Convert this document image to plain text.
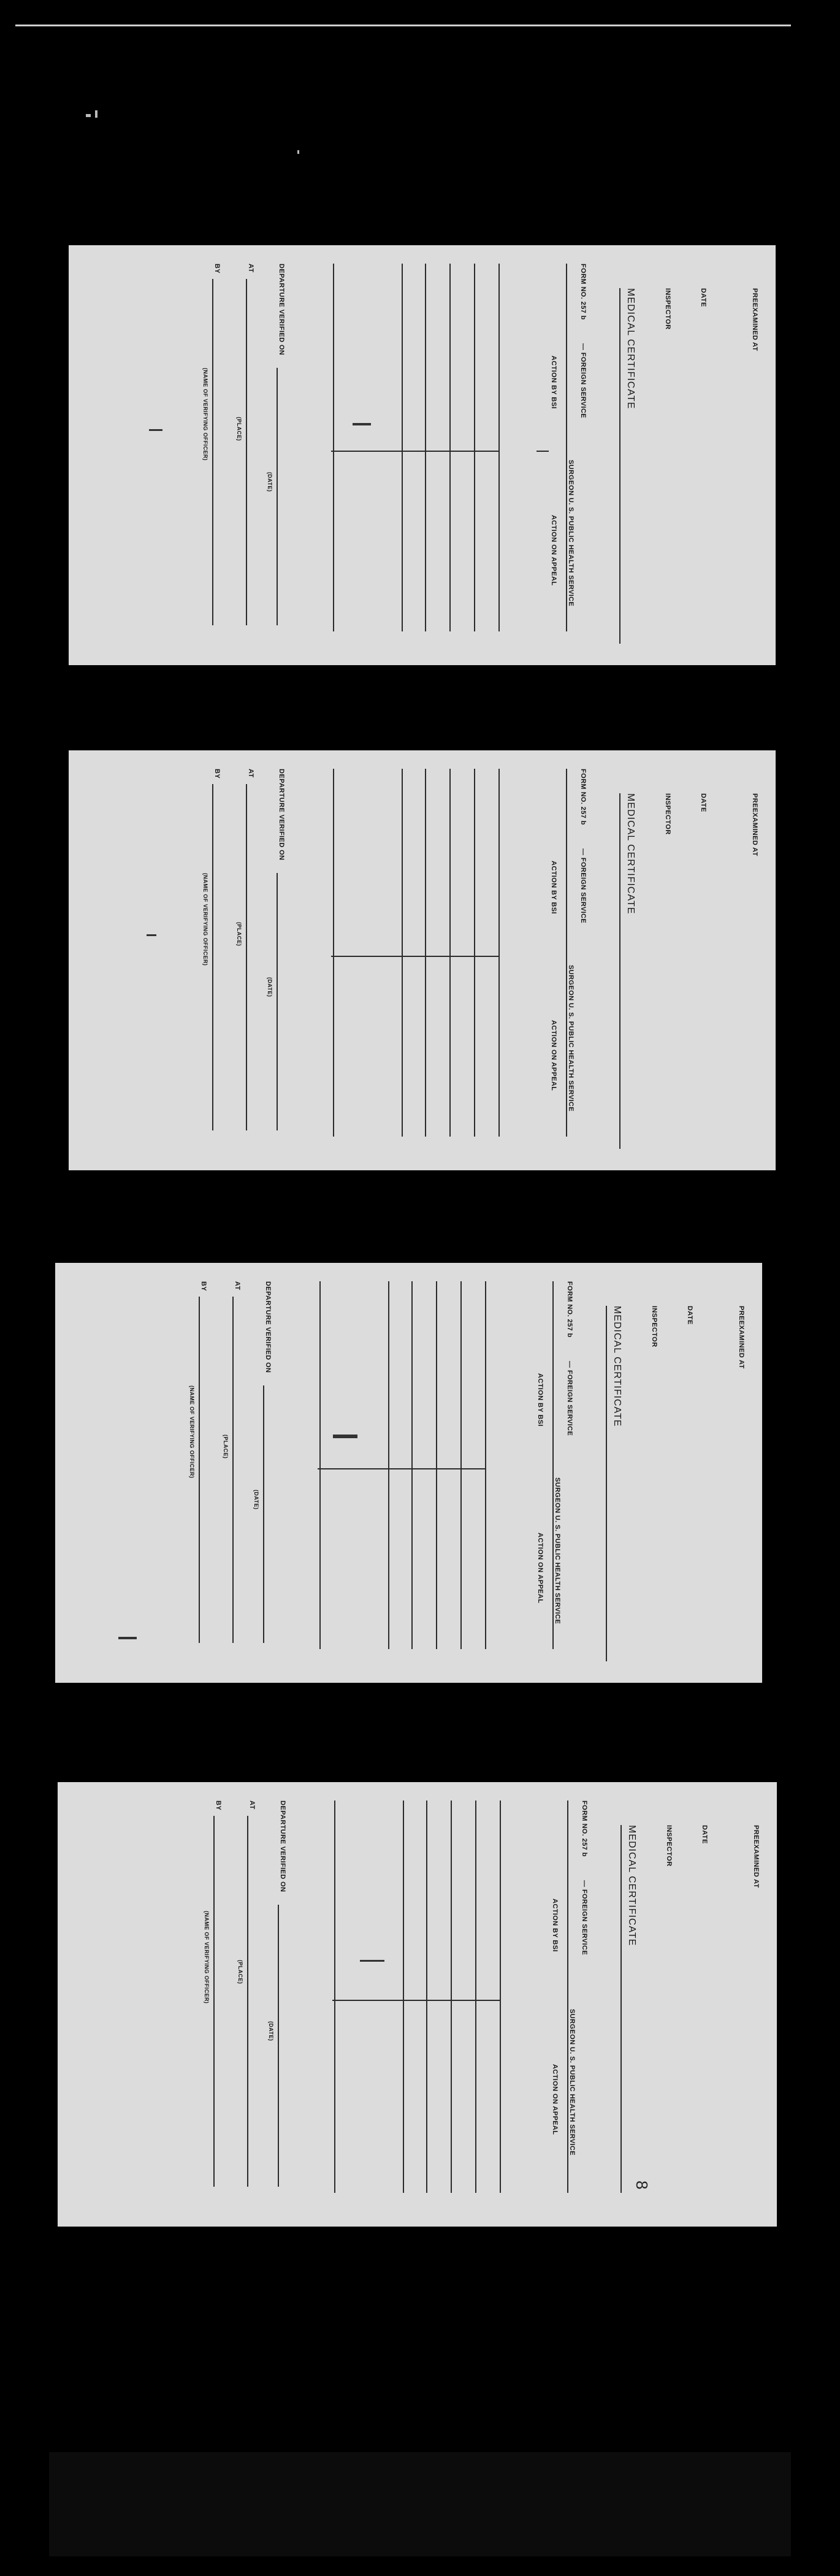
PREEXAMINED AT
DATE
INSPECTOR
MEDICAL CERTIFICATE
FORM NO. 257 b
— FOREIGN SERVICE
SURGEON U. S. PUBLIC HEALTH SERVICE
ACTION BY BSI
ACTION ON APPEAL
DEPARTURE VERIFIED ON
(DATE)
AT
(PLACE)
BY
(NAME OF VERIFYING OFFICER)
PREEXAMINED AT
DATE
INSPECTOR
MEDICAL CERTIFICATE
FORM NO. 257 b
— FOREIGN SERVICE
SURGEON U. S. PUBLIC HEALTH SERVICE
ACTION BY BSI
ACTION ON APPEAL
DEPARTURE VERIFIED ON
(DATE)
AT
(PLACE)
BY
(NAME OF VERIFYING OFFICER)
PREEXAMINED AT
DATE
INSPECTOR
MEDICAL CERTIFICATE
FORM NO. 257 b
— FOREIGN SERVICE
SURGEON U. S. PUBLIC HEALTH SERVICE
ACTION BY BSI
ACTION ON APPEAL
DEPARTURE VERIFIED ON
(DATE)
AT
(PLACE)
BY
(NAME OF VERIFYING OFFICER)
PREEXAMINED AT
DATE
INSPECTOR
MEDICAL CERTIFICATE
8
FORM NO. 257 b
— FOREIGN SERVICE
SURGEON U. S. PUBLIC HEALTH SERVICE
ACTION BY BSI
ACTION ON APPEAL
DEPARTURE VERIFIED ON
(DATE)
AT
(PLACE)
BY
(NAME OF VERIFYING OFFICER)
